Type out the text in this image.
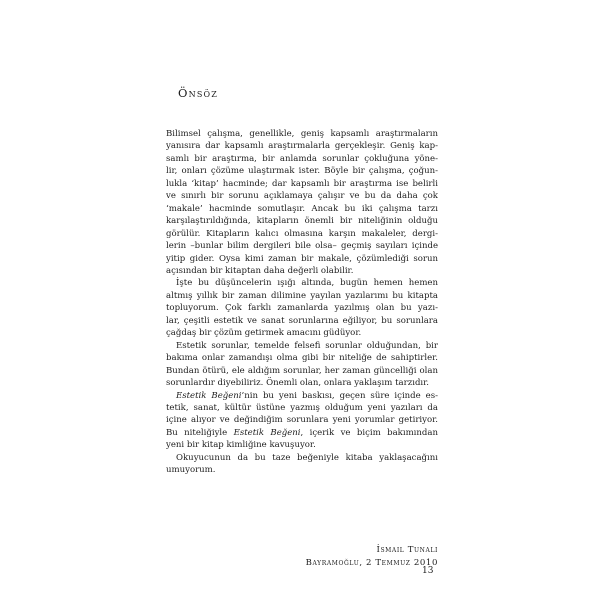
Önsöz

Bilimsel çalışma, genellikle, geniş kapsamlı araştırmaların
yanısıra dar kapsamlı araştırmalarla gerçekleşir. Geniş kap-
samlı bir araştırma, bir anlamda sorunlar çokluğuna yöne-
lir, onları çözüme ulaştırmak ister. Böyle bir çalışma, çoğun-
lukla ‘kitap’ hacminde; dar kapsamlı bir araştırma ise belirli
ve sınırlı bir sorunu açıklamaya çalışır ve bu da daha çok
‘makale’ hacminde somutlaşır. Ancak bu iki çalışma tarzı
karşılaştırıldığında, kitapların önemli bir niteliğinin olduğu
görülür. Kitapların kalıcı olmasına karşın makaleler, dergi-
lerin –bunlar bilim dergileri bile olsa– geçmiş sayıları içinde
yitip gider. Oysa kimi zaman bir makale, çözümlediği sorun
açısından bir kitaptan daha değerli olabilir.

İşte bu düşüncelerin ışığı altında, bugün hemen hemen
altmış yıllık bir zaman dilimine yayılan yazılarımı bu kitapta
topluyorum. Çok farklı zamanlarda yazılmış olan bu yazı-
lar, çeşitli estetik ve sanat sorunlarına eğiliyor, bu sorunlara
çağdaş bir çözüm getirmek amacını güdüyor.

Estetik sorunlar, temelde felsefi sorunlar olduğundan, bir
bakıma onlar zamandışı olma gibi bir niteliğe de sahiptirler.
Bundan ötürü, ele aldığım sorunlar, her zaman güncelliği olan
sorunlardır diyebiliriz. Önemli olan, onlara yaklaşım tarzıdır.

Estetik Beğeni’nin bu yeni baskısı, geçen süre içinde es-
tetik, sanat, kültür üstüne yazmış olduğum yeni yazıları da
içine alıyor ve değindiğim sorunlara yeni yorumlar getiriyor.
Bu niteliğiyle Estetik Beğeni, içerik ve biçim bakımından
yeni bir kitap kimliğine kavuşuyor.

Okuyucunun da bu taze beğeniyle kitaba yaklaşacağını
umuyorum.

İsmail Tunalı
Bayramoğlu, 2 Temmuz 2010
13
